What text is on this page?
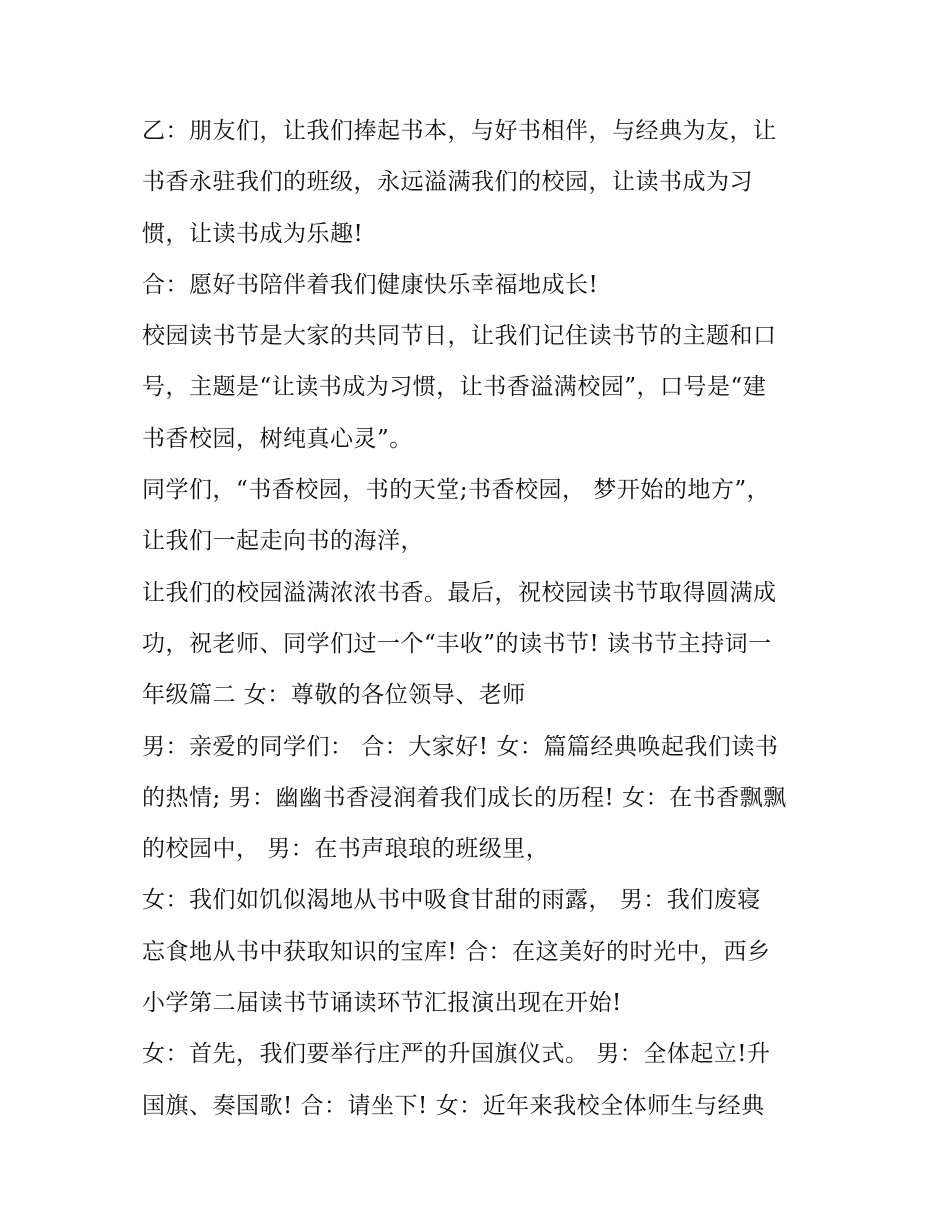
乙：朋友们，让我们捧起书本，与好书相伴，与经典为友，让
书香永驻我们的班级，永远溢满我们的校园，让读书成为习
惯，让读书成为乐趣!
合：愿好书陪伴着我们健康快乐幸福地成长!
校园读书节是大家的共同节日，让我们记住读书节的主题和口
号，主题是“让读书成为习惯，让书香溢满校园”，口号是“建
书香校园，树纯真心灵”。
同学们，“书香校园，书的天堂;书香校园， 梦开始的地方”，
让我们一起走向书的海洋，
让我们的校园溢满浓浓书香。最后，祝校园读书节取得圆满成
功，祝老师、同学们过一个“丰收”的读书节! 读书节主持词一
年级篇二 女：尊敬的各位领导、老师
男：亲爱的同学们： 合：大家好! 女：篇篇经典唤起我们读书
的热情; 男：幽幽书香浸润着我们成长的历程! 女：在书香飘飘
的校园中， 男：在书声琅琅的班级里，
女：我们如饥似渴地从书中吸食甘甜的雨露， 男：我们废寝
忘食地从书中获取知识的宝库! 合：在这美好的时光中，西乡
小学第二届读书节诵读环节汇报演出现在开始!
女：首先，我们要举行庄严的升国旗仪式。 男：全体起立!升
国旗、奏国歌! 合：请坐下! 女：近年来我校全体师生与经典
